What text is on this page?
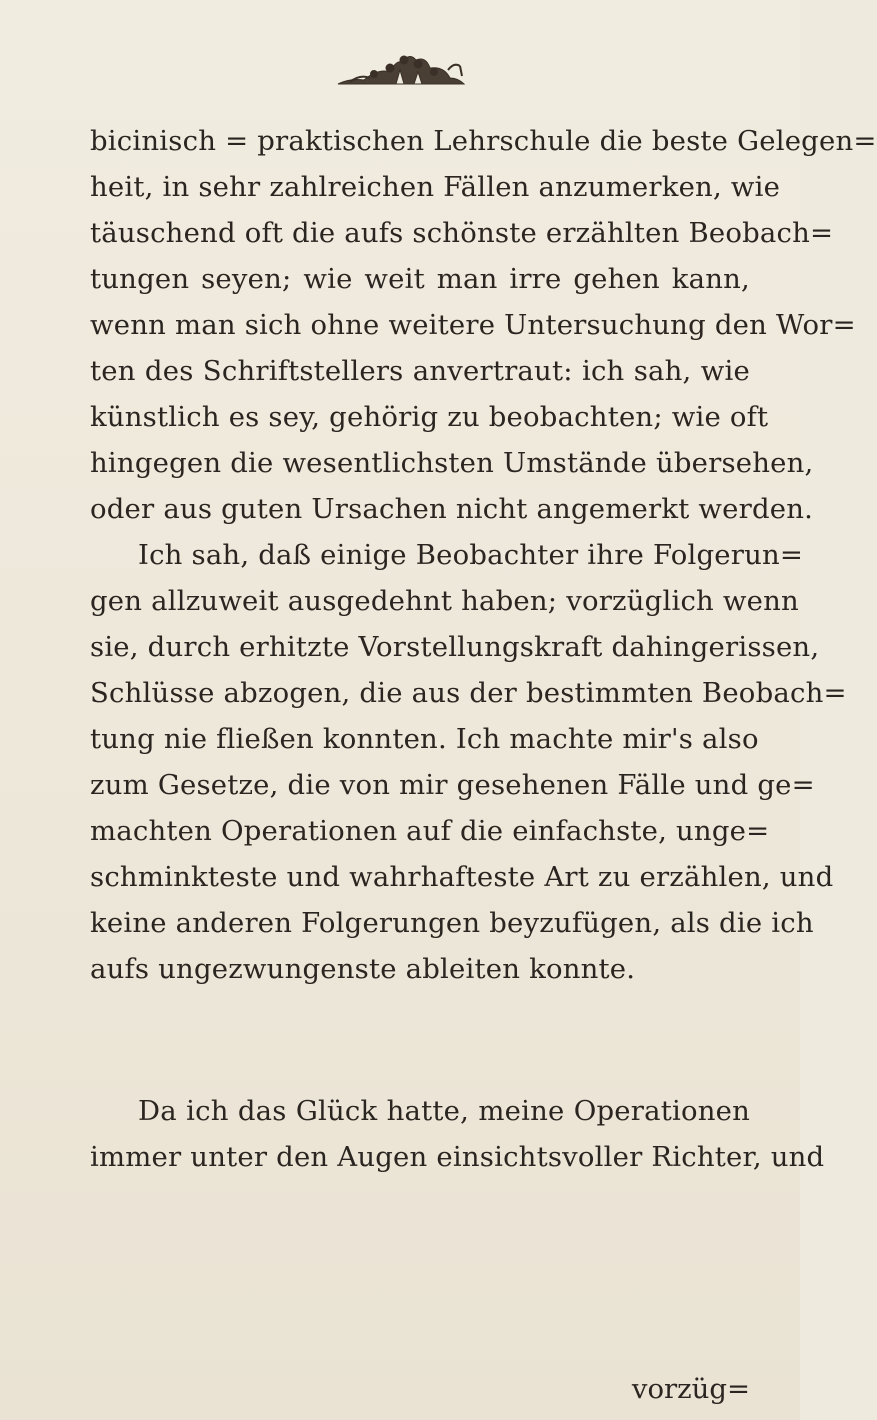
bicinisch = praktischen Lehrschule die beste Gelegen=
heit, in sehr zahlreichen Fällen anzumerken, wie
täuschend oft die aufs schönste erzählten Beobach=
tungen seyen; wie weit man irre gehen kann,
wenn man sich ohne weitere Untersuchung den Wor=
ten des Schriftstellers anvertraut: ich sah, wie
künstlich es sey, gehörig zu beobachten; wie oft
hingegen die wesentlichsten Umstände übersehen,
oder aus guten Ursachen nicht angemerkt werden.
Ich sah, daß einige Beobachter ihre Folgerun=
gen allzuweit ausgedehnt haben; vorzüglich wenn
sie, durch erhitzte Vorstellungskraft dahingerissen,
Schlüsse abzogen, die aus der bestimmten Beobach=
tung nie fließen konnten. Ich machte mir's also
zum Gesetze, die von mir gesehenen Fälle und ge=
machten Operationen auf die einfachste, unge=
schminkteste und wahrhafteste Art zu erzählen, und
keine anderen Folgerungen beyzufügen, als die ich
aufs ungezwungenste ableiten konnte.
Da ich das Glück hatte, meine Operationen
immer unter den Augen einsichtsvoller Richter, und
vorzüg=
